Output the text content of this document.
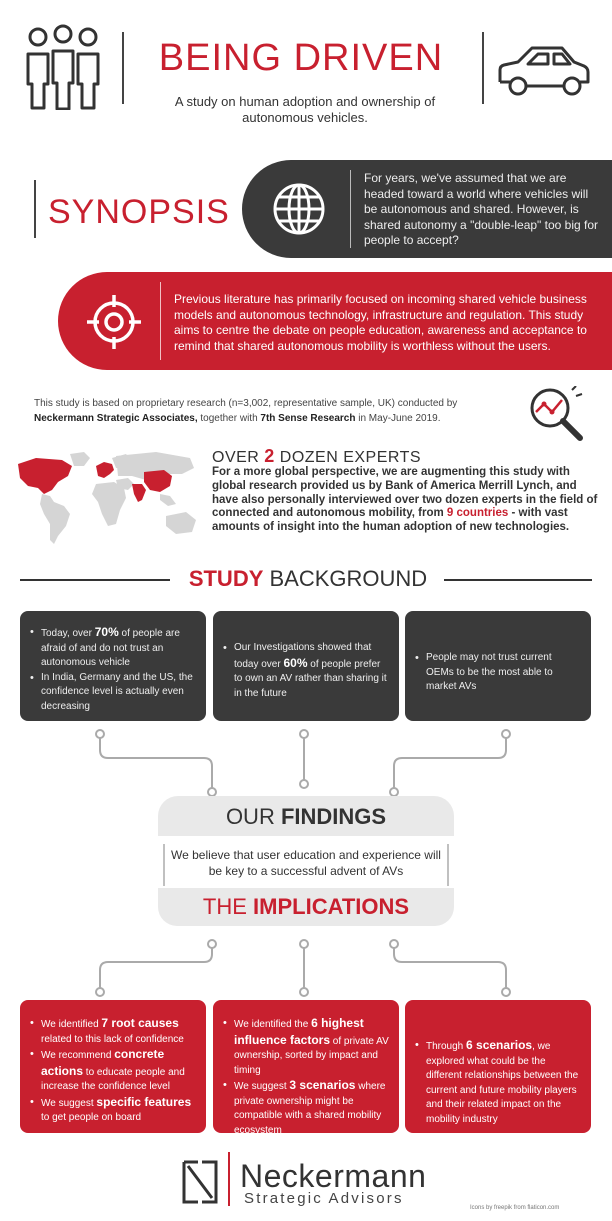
BEING DRIVEN
A study on human adoption and ownership of autonomous vehicles.
SYNOPSIS
For years, we've assumed that we are headed toward a world where vehicles will be autonomous and shared. However, is shared autonomy a "double-leap" too big for people to accept?
Previous literature has primarily focused on incoming shared vehicle business models and autonomous technology, infrastructure and regulation. This study aims to centre the debate on people education, awareness and acceptance to remind that shared autonomous mobility is worthless without the users.
This study is based on proprietary research (n=3,002, representative sample, UK) conducted by
Neckermann Strategic Associates, together with 7th Sense Research in May-June 2019.
OVER 2 DOZEN EXPERTS
For a more global perspective, we are augmenting this study with global research provided us by Bank of America Merrill Lynch, and have also personally interviewed over two dozen experts in the field of connected and autonomous mobility, from 9 countries - with vast amounts of insight into the human adoption of new technologies.
STUDY BACKGROUND
• Today, over 70% of people are afraid of and do not trust an autonomous vehicle
• In India, Germany and the US, the confidence level is actually even decreasing
• Our Investigations showed that today over 60% of people prefer to own an AV rather than sharing it in the future
• People may not trust current OEMs to be the most able to market AVs
OUR FINDINGS
We believe that user education and experience will be key to a successful advent of AVs
THE IMPLICATIONS
• We identified 7 root causes related to this lack of confidence
• We recommend concrete actions to educate people and increase the confidence level
• We suggest specific features to get people on board
• We identified the 6 highest influence factors of private AV ownership, sorted by impact and timing
• We suggest 3 scenarios where private ownership might be compatible with a shared mobility ecosystem
• Through 6 scenarios, we explored what could be the different relationships between the current and future mobility players and their related impact on the mobility industry
Neckermann
Strategic Advisors
Icons by freepik from flaticon.com
